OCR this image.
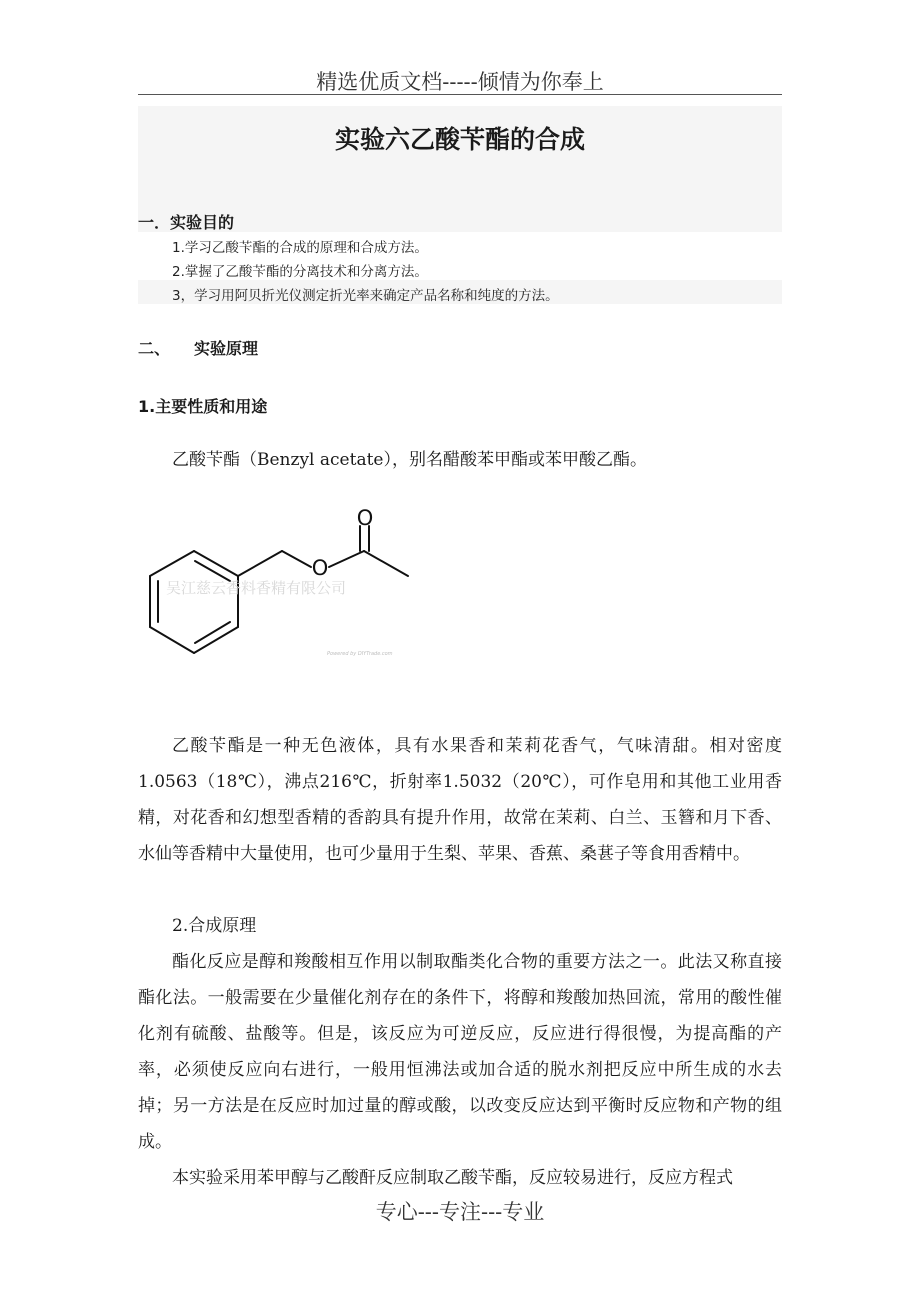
精选优质文档-----倾情为你奉上
实验六乙酸苄酯的合成
一．实验目的
1.学习乙酸苄酯的合成的原理和合成方法。
2.掌握了乙酸苄酯的分离技术和分离方法。
3，学习用阿贝折光仪测定折光率来确定产品名称和纯度的方法。
二、 实验原理
1.主要性质和用途

乙酸苄酯（Benzyl acetate），别名醋酸苯甲酯或苯甲酸乙酯。

O
O
吴江慈云香料香精有限公司
Powered by DIYTrade.com

乙酸苄酯是一种无色液体，具有水果香和茉莉花香气，气味清甜。相对密度1.0563（18℃），沸点216℃，折射率1.5032（20℃），可作皂用和其他工业用香精，对花香和幻想型香精的香韵具有提升作用，故常在茉莉、白兰、玉簪和月下香、水仙等香精中大量使用，也可少量用于生梨、苹果、香蕉、桑葚子等食用香精中。

2.合成原理

酯化反应是醇和羧酸相互作用以制取酯类化合物的重要方法之一。此法又称直接酯化法。一般需要在少量催化剂存在的条件下，将醇和羧酸加热回流，常用的酸性催化剂有硫酸、盐酸等。但是，该反应为可逆反应，反应进行得很慢，为提高酯的产率，必须使反应向右进行，一般用恒沸法或加合适的脱水剂把反应中所生成的水去掉；另一方法是在反应时加过量的醇或酸，以改变反应达到平衡时反应物和产物的组成。

本实验采用苯甲醇与乙酸酐反应制取乙酸苄酯，反应较易进行，反应方程式

专心---专注---专业
